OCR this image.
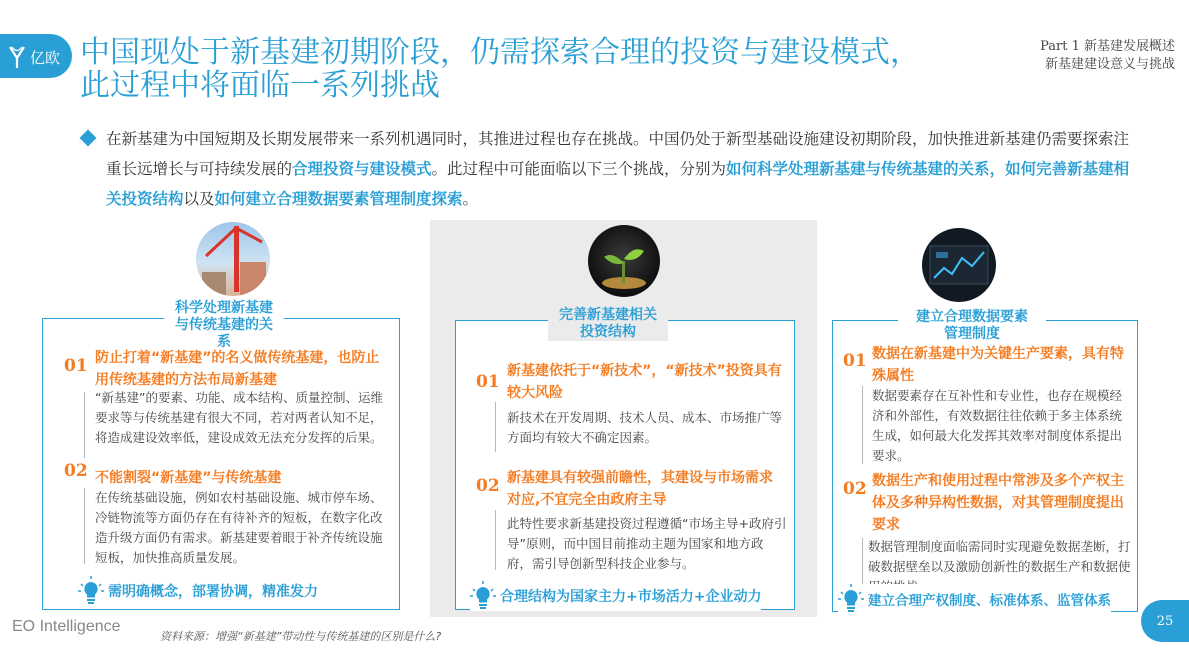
亿欧 中国现处于新基建初期阶段，仍需探索合理的投资与建设模式，
此过程中将面临一系列挑战
Part 1 新基建发展概述
新基建建设意义与挑战

在新基建为中国短期及长期发展带来一系列机遇同时，其推进过程也存在挑战。中国仍处于新型基础设施建设初期阶段，加快推进新基建仍需要探索注重长远增长与可持续发展的合理投资与建设模式。此过程中可能面临以下三个挑战，分别为如何科学处理新基建与传统基建的关系，如何完善新基建相关投资结构以及如何建立合理数据要素管理制度探索。

科学处理新基建
与传统基建的关系
01 防止打着“新基建”的名义做传统基建，也防止用传统基建的方法布局新基建
“新基建”的要素、功能、成本结构、质量控制、运维要求等与传统基建有很大不同，若对两者认知不足，将造成建设效率低，建设成效无法充分发挥的后果。
02 不能割裂“新基建”与传统基建
在传统基础设施，例如农村基础设施、城市停车场、冷链物流等方面仍存在有待补齐的短板，在数字化改造升级方面仍有需求。新基建要着眼于补齐传统设施短板，加快推高质量发展。
需明确概念，部署协调，精准发力
完善新基建相关
投资结构
01
新基建依托于“新技术”，“新技术”投资具有较大风险
新技术在开发周期、技术人员、成本、市场推广等方面均有较大不确定因素。
02 新基建具有较强前瞻性，其建设与市场需求对应,不宜完全由政府主导
此特性要求新基建投资过程遵循“市场主导+政府引导”原则，而中国目前推动主题为国家和地方政府，需引导创新型科技企业参与。
合理结构为国家主力+市场活力+企业动力
建立合理数据要素
管理制度
01 数据在新基建中为关键生产要素，具有特殊属性
数据要素存在互补性和专业性，也存在规模经济和外部性，有效数据往往依赖于多主体系统生成，如何最大化发挥其效率对制度体系提出要求。
02 数据生产和使用过程中常涉及多个产权主体及多种异构性数据，对其管理制度提出要求
数据管理制度面临需同时实现避免数据垄断，打破数据壁垒以及激励创新性的数据生产和数据使
建立合理产权制度、标准体系、监管体系
EO Intelligence
资料来源：增强“新基建”带动性与传统基建的区别是什么?
25
